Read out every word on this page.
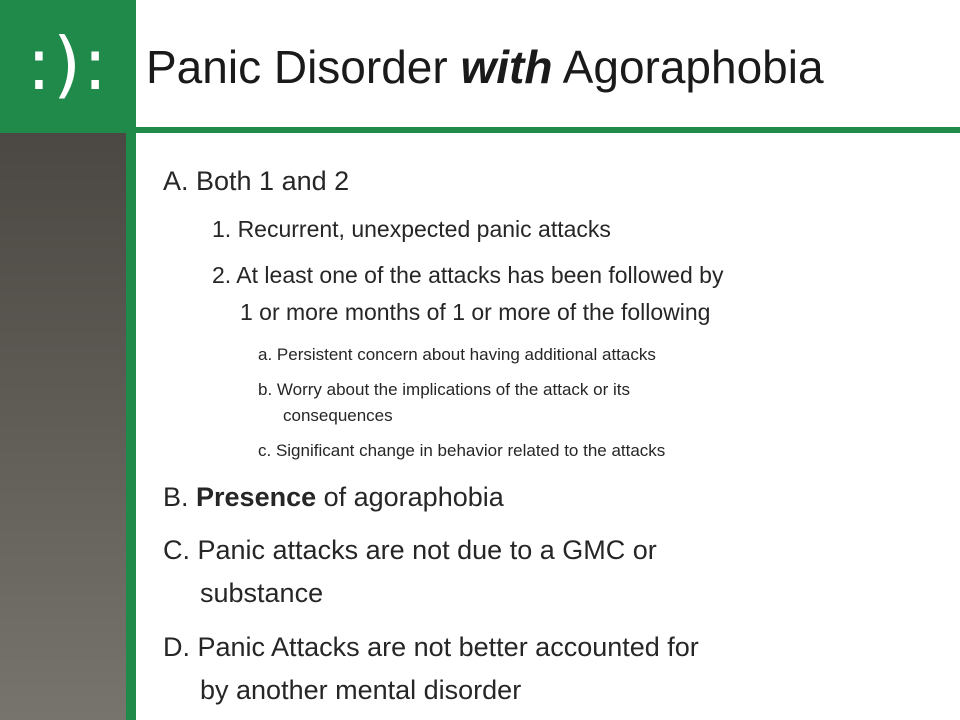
:): Panic Disorder with Agoraphobia

A. Both 1 and 2

1. Recurrent, unexpected panic attacks

2. At least one of the attacks has been followed by

1 or more months of 1 or more of the following

a. Persistent concern about having additional attacks

b. Worry about the implications of the attack or its

consequences

c. Significant change in behavior related to the attacks

B. Presence of agoraphobia

C. Panic attacks are not due to a GMC or

substance

D. Panic Attacks are not better accounted for

by another mental disorder
